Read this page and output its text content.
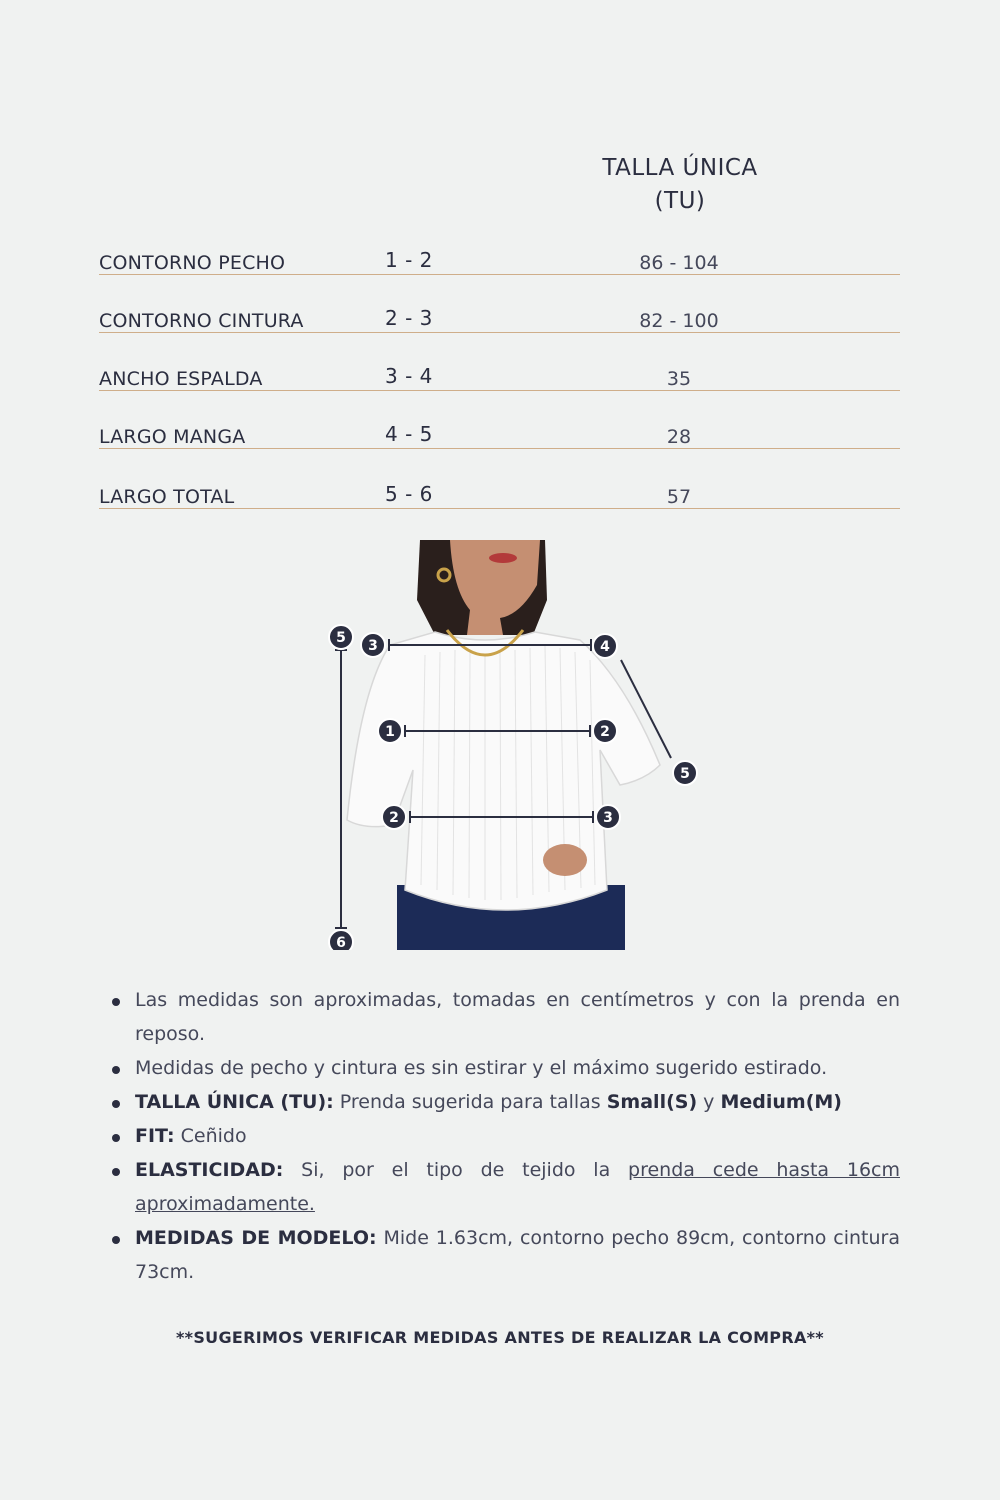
TALLA ÚNICA
(TU)
CONTORNO PECHO	1 - 2	86 - 104
CONTORNO CINTURA	2 - 3	82 - 100
ANCHO ESPALDA	3 - 4	35
LARGO MANGA	4 - 5	28
LARGO TOTAL	5 - 6	57
5
6
3	4
5
1	2
2	3
Las medidas son aproximadas, tomadas en centímetros y con la prenda en reposo.
Medidas de pecho y cintura es sin estirar y el máximo sugerido estirado.
TALLA ÚNICA (TU): Prenda sugerida para tallas Small(S) y Medium(M)
FIT: Ceñido
ELASTICIDAD: Si, por el tipo de tejido la prenda cede hasta 16cm aproximadamente.
MEDIDAS DE MODELO: Mide 1.63cm, contorno pecho 89cm, contorno cintura 73cm.
**SUGERIMOS VERIFICAR MEDIDAS ANTES DE REALIZAR LA COMPRA**
